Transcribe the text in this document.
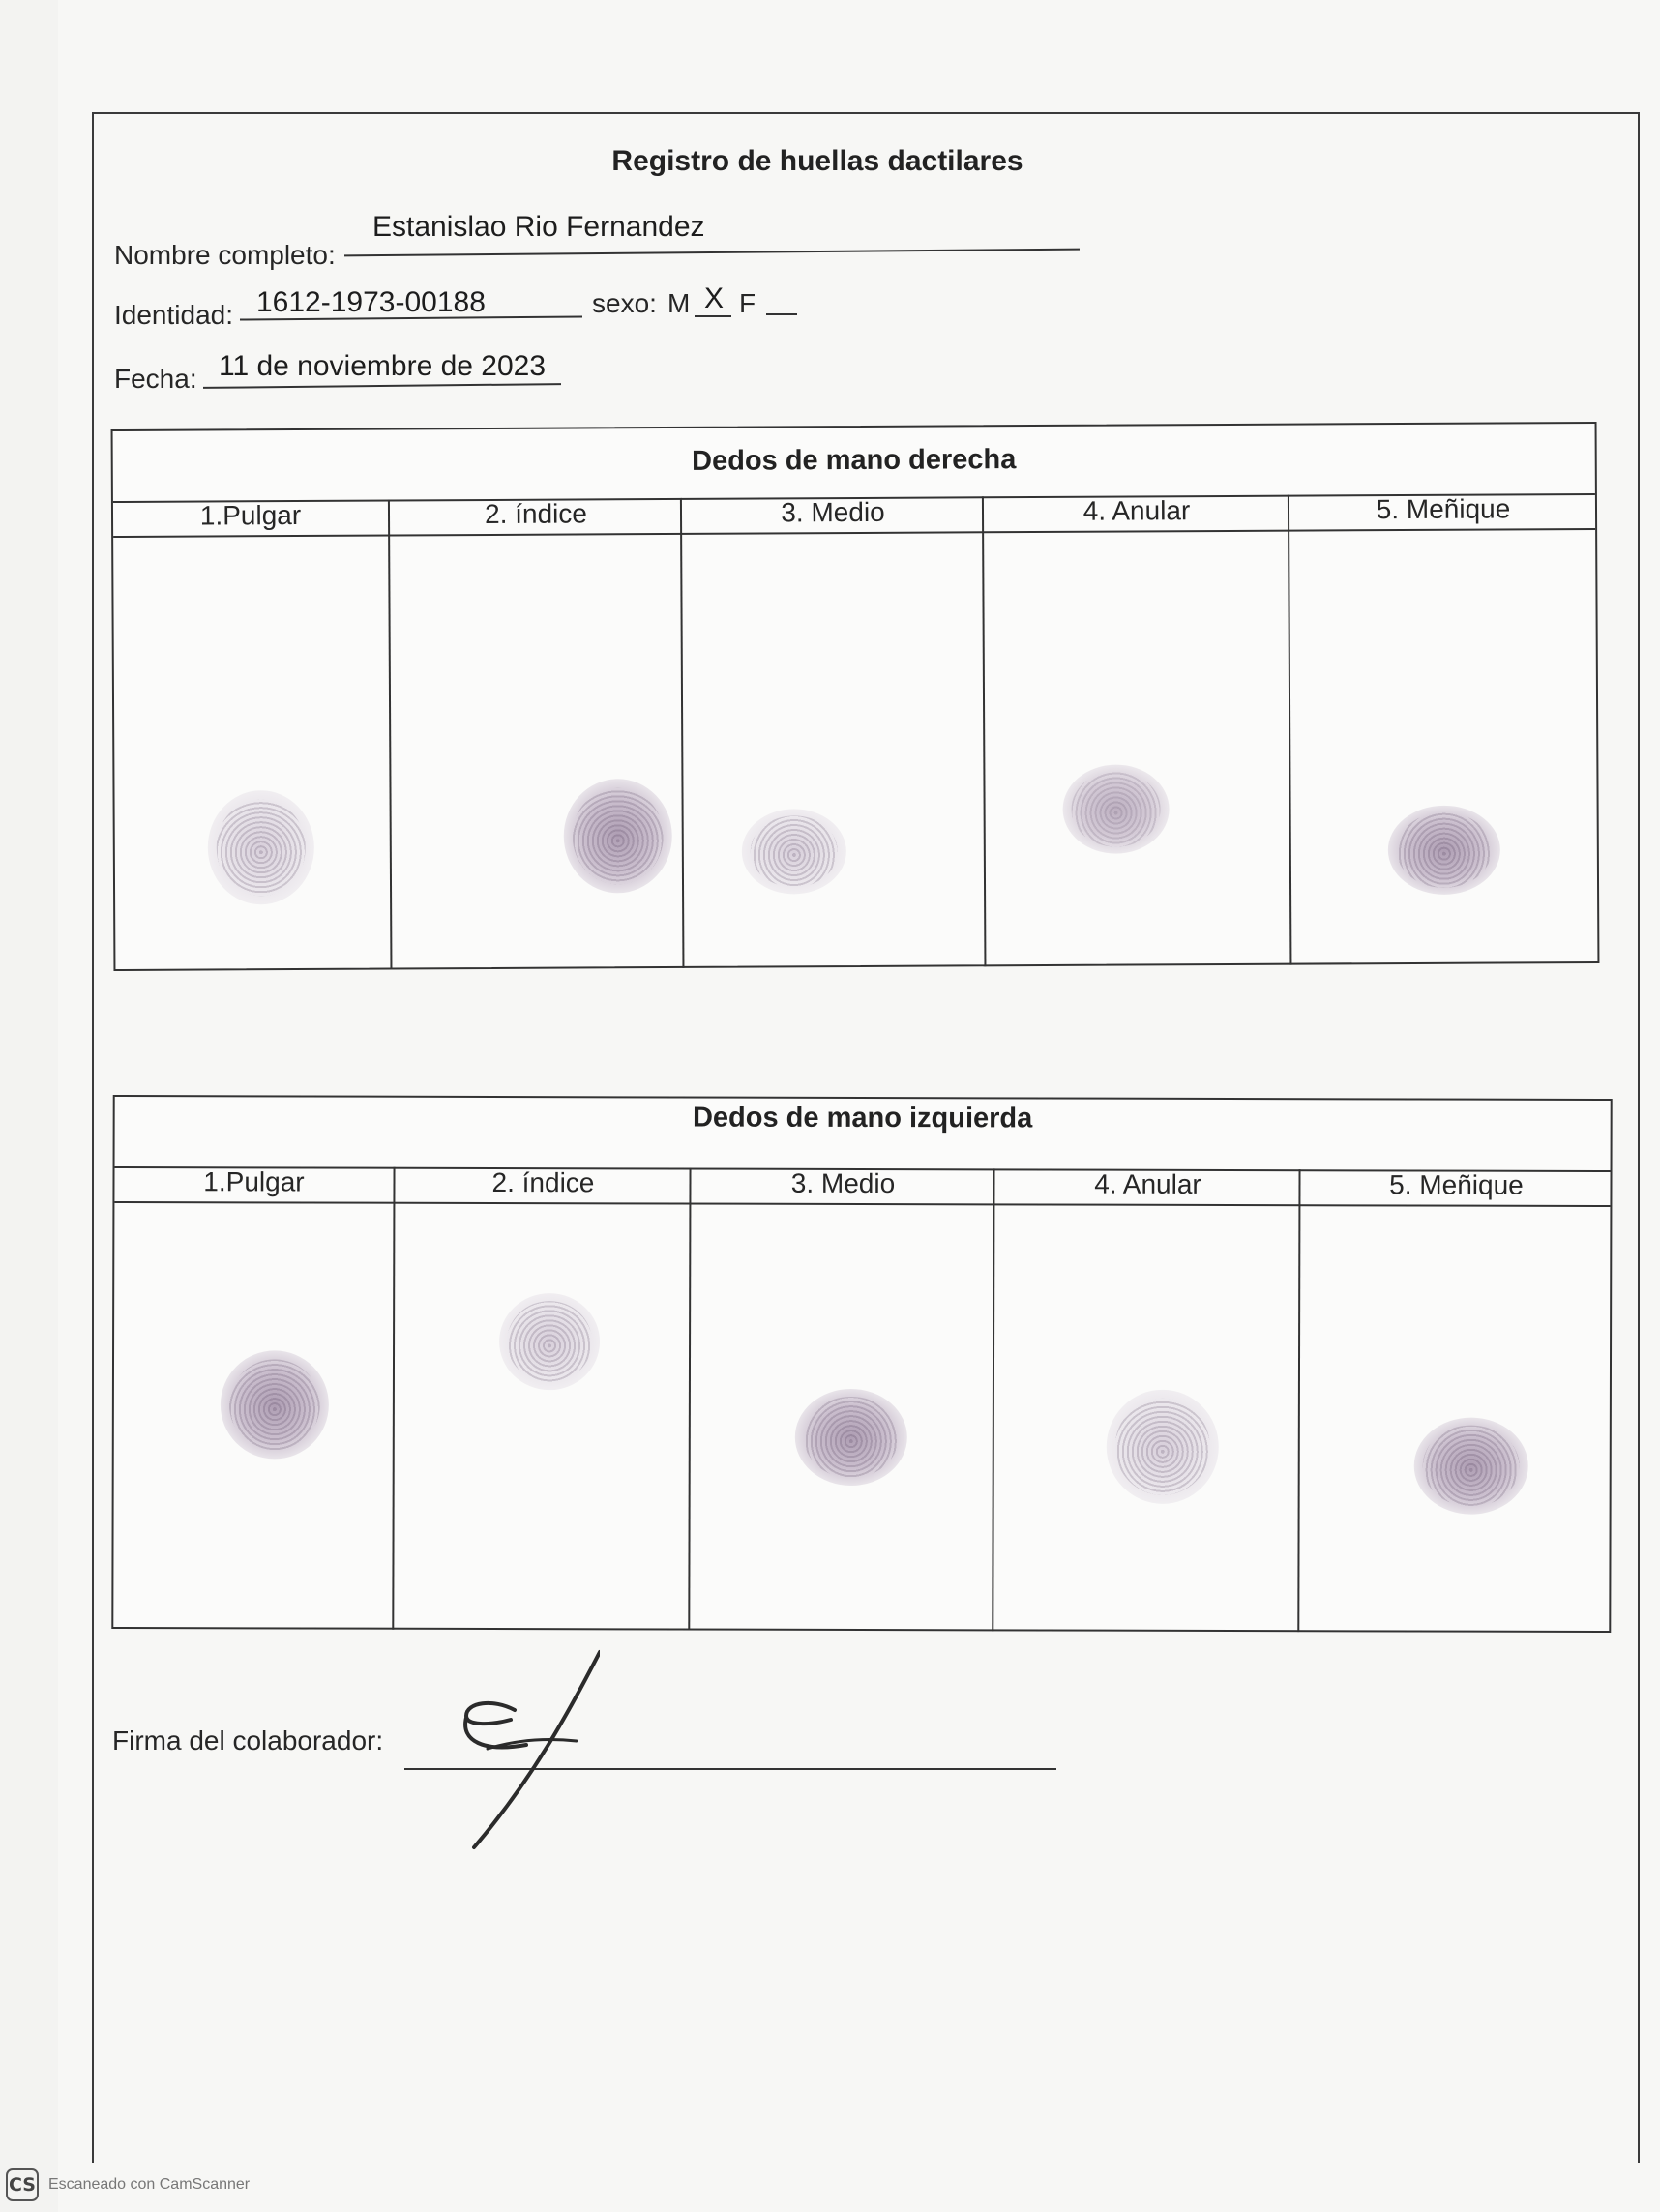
Registro de huellas dactilares
Nombre completo:
Estanislao Rio Fernandez
Identidad: 1612-1973-00188	sexo: M X F
Fecha: 11 de noviembre de 2023
Dedos de mano derecha
1.Pulgar	2. índice	3. Medio	4. Anular	5. Meñique
Dedos de mano izquierda
1.Pulgar	2. índice	3. Medio	4. Anular	5. Meñique
Firma del colaborador:
CS Escaneado con CamScanner
